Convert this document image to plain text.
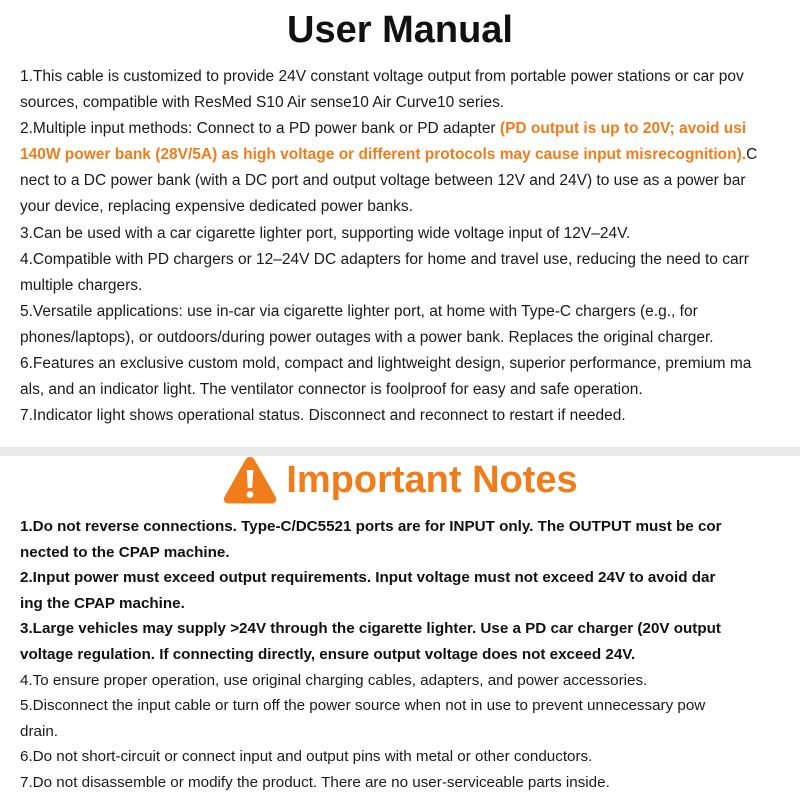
User Manual
1.This cable is customized to provide 24V constant voltage output from portable power stations or car pov
sources, compatible with ResMed S10 Air sense10 Air Curve10 series.
2.Multiple input methods: Connect to a PD power bank or PD adapter (PD output is up to 20V; avoid usi
140W power bank (28V/5A) as high voltage or different protocols may cause input misrecognition).C
nect to a DC power bank (with a DC port and output voltage between 12V and 24V) to use as a power bar
your device, replacing expensive dedicated power banks.
3.Can be used with a car cigarette lighter port, supporting wide voltage input of 12V–24V.
4.Compatible with PD chargers or 12–24V DC adapters for home and travel use, reducing the need to carr
multiple chargers.
5.Versatile applications: use in-car via cigarette lighter port, at home with Type-C chargers (e.g., for
phones/laptops), or outdoors/during power outages with a power bank. Replaces the original charger.
6.Features an exclusive custom mold, compact and lightweight design, superior performance, premium ma
als, and an indicator light. The ventilator connector is foolproof for easy and safe operation.
7.Indicator light shows operational status. Disconnect and reconnect to restart if needed.
Important Notes
1.Do not reverse connections. Type-C/DC5521 ports are for INPUT only. The OUTPUT must be cor
nected to the CPAP machine.
2.Input power must exceed output requirements. Input voltage must not exceed 24V to avoid dar
ing the CPAP machine.
3.Large vehicles may supply >24V through the cigarette lighter. Use a PD car charger (20V output
voltage regulation. If connecting directly, ensure output voltage does not exceed 24V.
4.To ensure proper operation, use original charging cables, adapters, and power accessories.
5.Disconnect the input cable or turn off the power source when not in use to prevent unnecessary pow
drain.
6.Do not short-circuit or connect input and output pins with metal or other conductors.
7.Do not disassemble or modify the product. There are no user-serviceable parts inside.
